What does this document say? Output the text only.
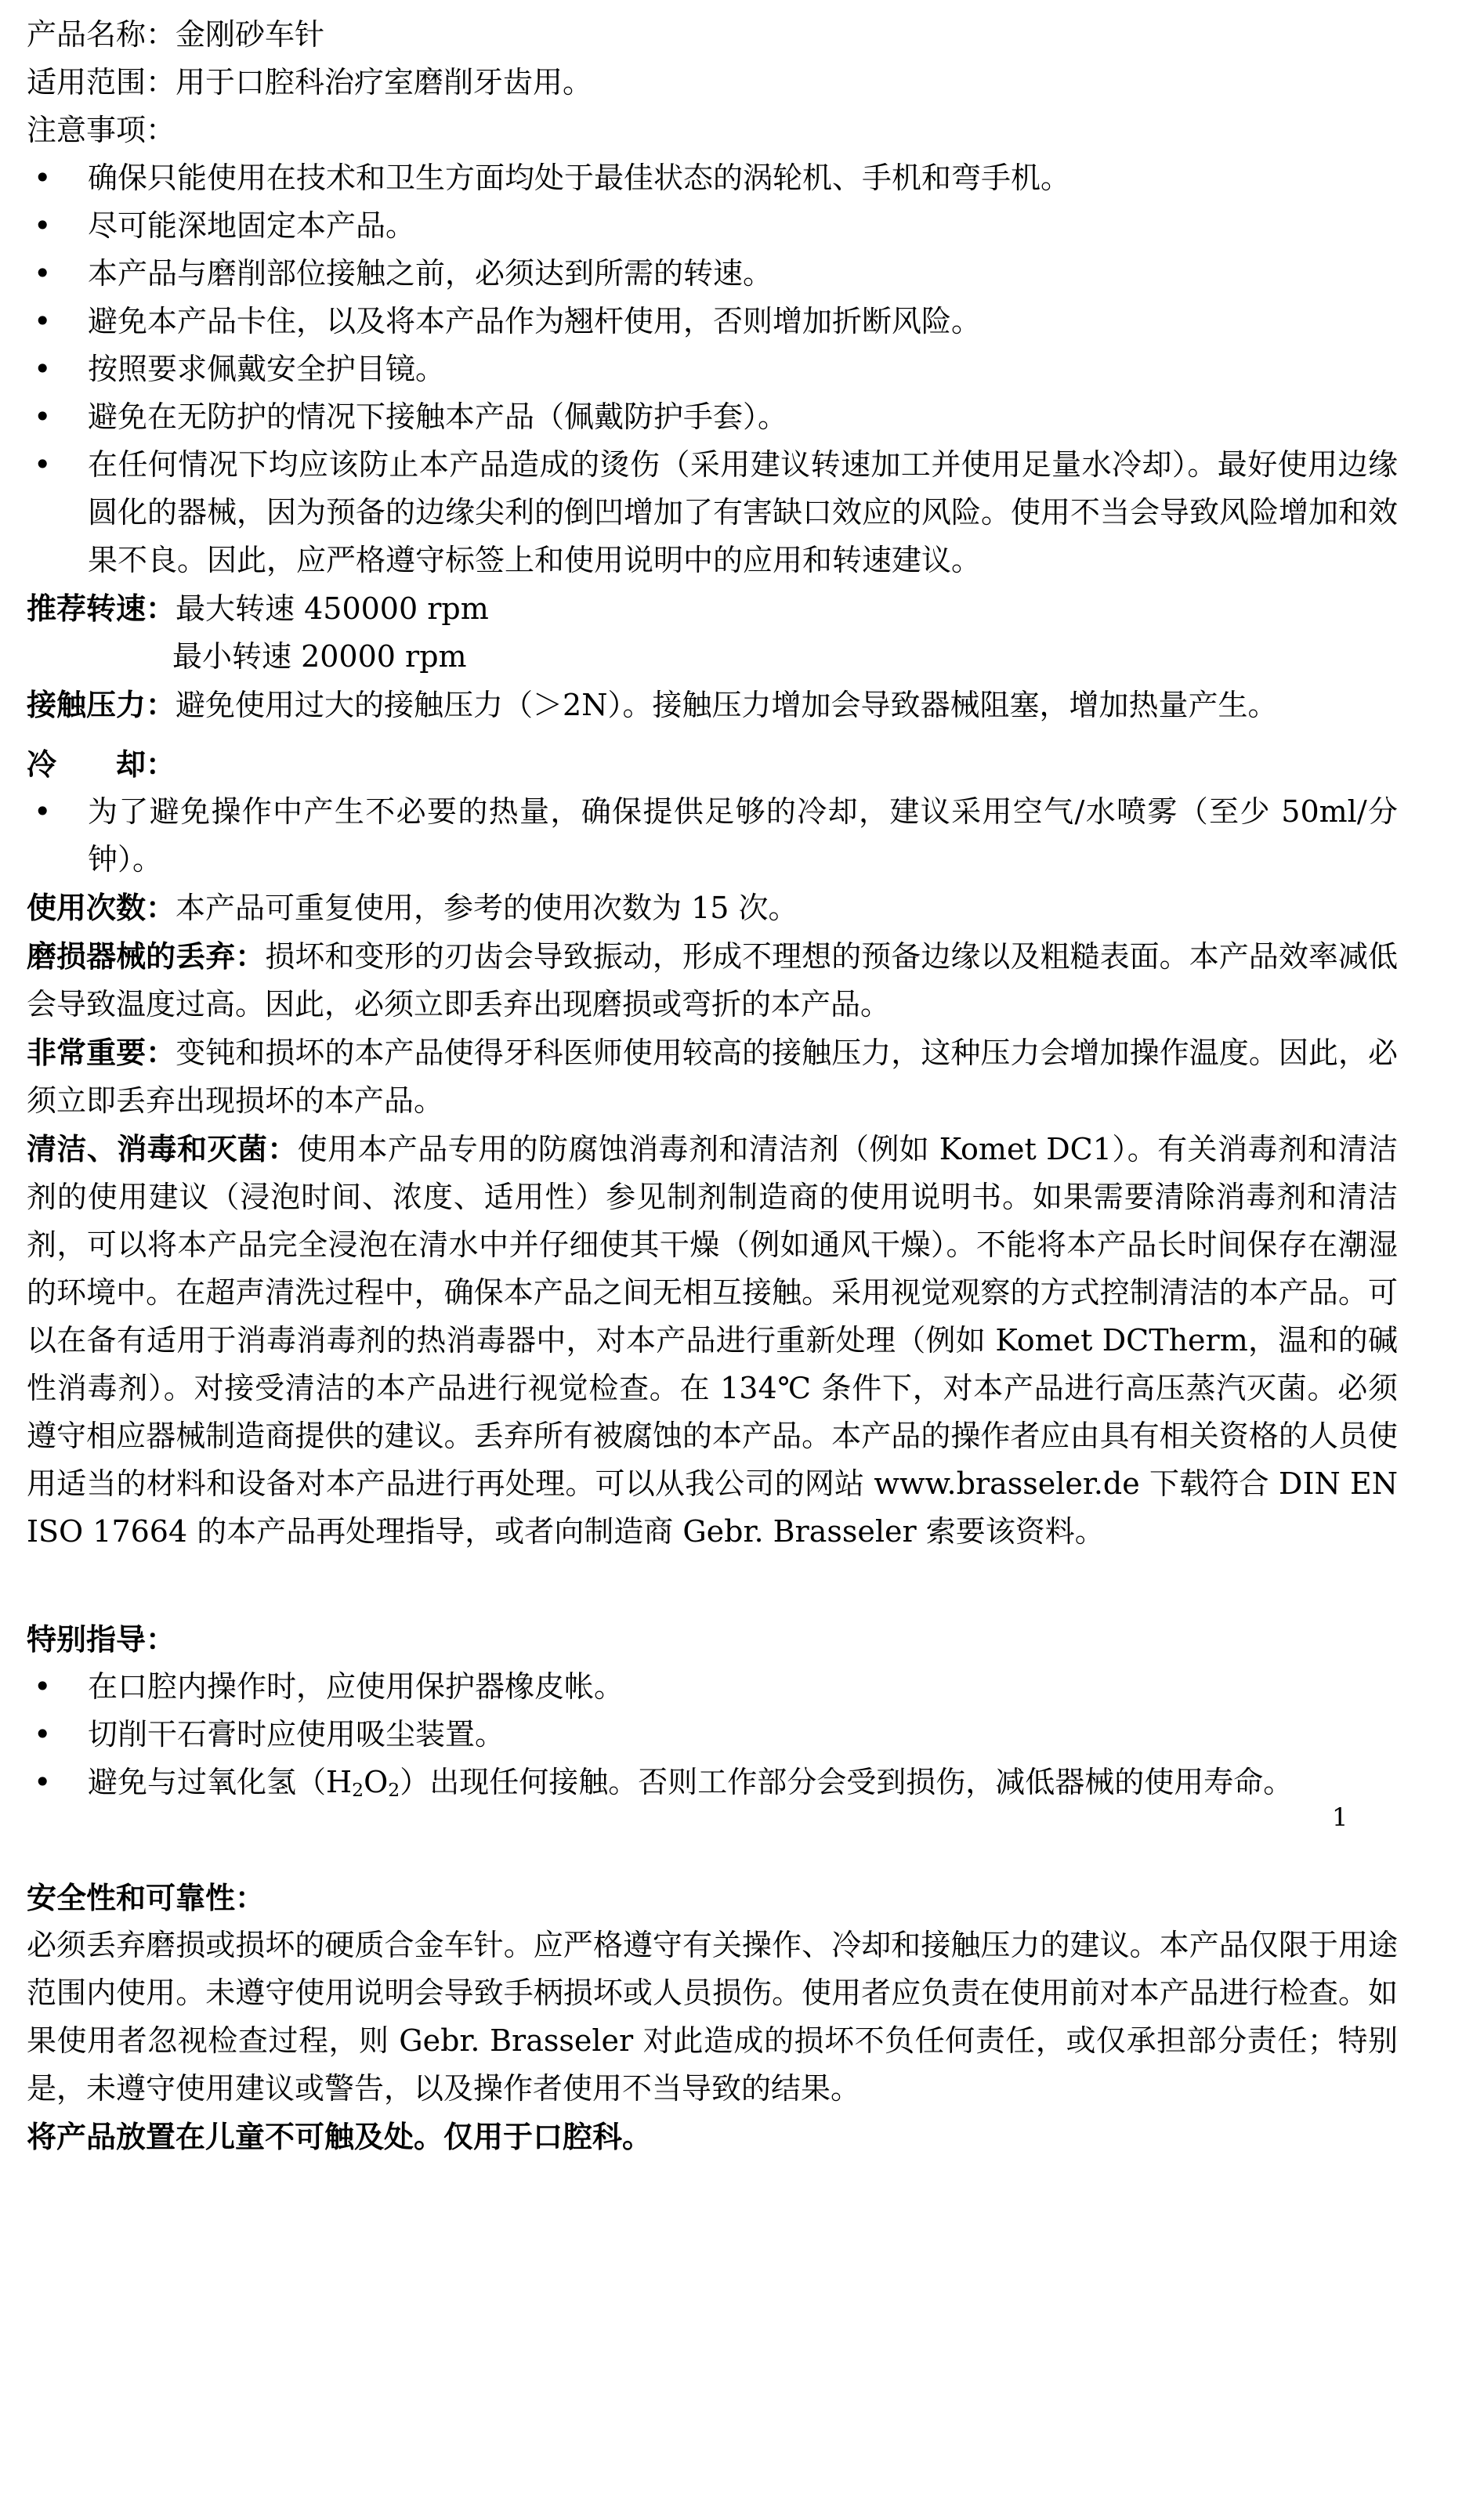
产品名称：金刚砂车针
适用范围：用于口腔科治疗室磨削牙齿用。
注意事项：
• 确保只能使用在技术和卫生方面均处于最佳状态的涡轮机、手机和弯手机。
• 尽可能深地固定本产品。
• 本产品与磨削部位接触之前，必须达到所需的转速。
• 避免本产品卡住，以及将本产品作为翘杆使用，否则增加折断风险。
• 按照要求佩戴安全护目镜。
• 避免在无防护的情况下接触本产品（佩戴防护手套）。
• 在任何情况下均应该防止本产品造成的烫伤（采用建议转速加工并使用足量水冷却）。最好使用边缘圆化的器械，因为预备的边缘尖利的倒凹增加了有害缺口效应的风险。使用不当会导致风险增加和效果不良。因此，应严格遵守标签上和使用说明中的应用和转速建议。
推荐转速：最大转速 450000 rpm
最小转速 20000 rpm
接触压力：避免使用过大的接触压力（＞2N）。接触压力增加会导致器械阻塞，增加热量产生。
冷　　却：
• 为了避免操作中产生不必要的热量，确保提供足够的冷却，建议采用空气/水喷雾（至少 50ml/分钟）。
使用次数：本产品可重复使用，参考的使用次数为 15 次。
磨损器械的丢弃：损坏和变形的刃齿会导致振动，形成不理想的预备边缘以及粗糙表面。本产品效率减低会导致温度过高。因此，必须立即丢弃出现磨损或弯折的本产品。
非常重要：变钝和损坏的本产品使得牙科医师使用较高的接触压力，这种压力会增加操作温度。因此，必须立即丢弃出现损坏的本产品。
清洁、消毒和灭菌：使用本产品专用的防腐蚀消毒剂和清洁剂（例如 Komet DC1）。有关消毒剂和清洁剂的使用建议（浸泡时间、浓度、适用性）参见制剂制造商的使用说明书。如果需要清除消毒剂和清洁剂，可以将本产品完全浸泡在清水中并仔细使其干燥（例如通风干燥）。不能将本产品长时间保存在潮湿的环境中。在超声清洗过程中，确保本产品之间无相互接触。采用视觉观察的方式控制清洁的本产品。可以在备有适用于消毒消毒剂的热消毒器中，对本产品进行重新处理（例如 Komet DCTherm，温和的碱性消毒剂）。对接受清洁的本产品进行视觉检查。在 134℃ 条件下，对本产品进行高压蒸汽灭菌。必须遵守相应器械制造商提供的建议。丢弃所有被腐蚀的本产品。本产品的操作者应由具有相关资格的人员使用适当的材料和设备对本产品进行再处理。可以从我公司的网站 www.brasseler.de 下载符合 DIN EN ISO 17664 的本产品再处理指导，或者向制造商 Gebr. Brasseler 索要该资料。
特别指导：
• 在口腔内操作时，应使用保护器橡皮帐。
• 切削干石膏时应使用吸尘装置。
• 避免与过氧化氢$(H_2O_2)$出现任何接触。否则工作部分会受到损伤，减低器械的使用寿命。
安全性和可靠性：
必须丢弃磨损或损坏的硬质合金车针。应严格遵守有关操作、冷却和接触压力的建议。本产品仅限于用途范围内使用。未遵守使用说明会导致手柄损坏或人员损伤。使用者应负责在使用前对本产品进行检查。如果使用者忽视检查过程，则 Gebr. Brasseler 对此造成的损坏不负任何责任，或仅承担部分责任；特别是，未遵守使用建议或警告，以及操作者使用不当导致的结果。
将产品放置在儿童不可触及处。仅用于口腔科。
1
